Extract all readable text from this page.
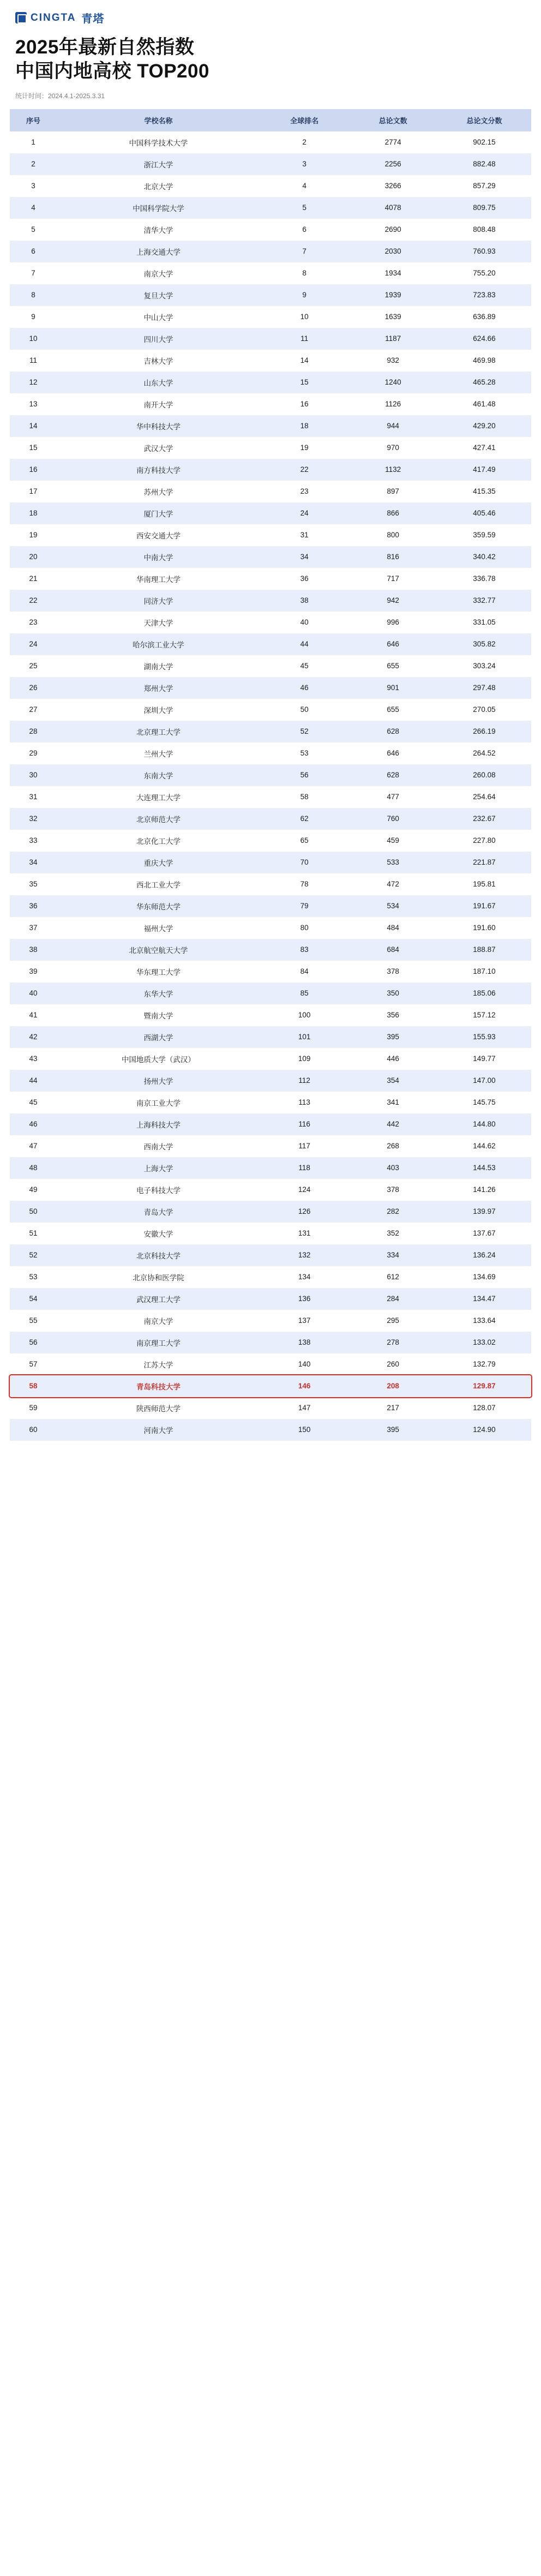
CINGTA 青塔
2025年最新自然指数
中国内地高校 TOP200
统计时间：2024.4.1-2025.3.31
序号	学校名称	全球排名	总论文数	总论文分数
1	中国科学技术大学	2	2774	902.15
2	浙江大学	3	2256	882.48
3	北京大学	4	3266	857.29
4	中国科学院大学	5	4078	809.75
5	清华大学	6	2690	808.48
6	上海交通大学	7	2030	760.93
7	南京大学	8	1934	755.20
8	复旦大学	9	1939	723.83
9	中山大学	10	1639	636.89
10	四川大学	11	1187	624.66
11	吉林大学	14	932	469.98
12	山东大学	15	1240	465.28
13	南开大学	16	1126	461.48
14	华中科技大学	18	944	429.20
15	武汉大学	19	970	427.41
16	南方科技大学	22	1132	417.49
17	苏州大学	23	897	415.35
18	厦门大学	24	866	405.46
19	西安交通大学	31	800	359.59
20	中南大学	34	816	340.42
21	华南理工大学	36	717	336.78
22	同济大学	38	942	332.77
23	天津大学	40	996	331.05
24	哈尔滨工业大学	44	646	305.82
25	湖南大学	45	655	303.24
26	郑州大学	46	901	297.48
27	深圳大学	50	655	270.05
28	北京理工大学	52	628	266.19
29	兰州大学	53	646	264.52
30	东南大学	56	628	260.08
31	大连理工大学	58	477	254.64
32	北京师范大学	62	760	232.67
33	北京化工大学	65	459	227.80
34	重庆大学	70	533	221.87
35	西北工业大学	78	472	195.81
36	华东师范大学	79	534	191.67
37	福州大学	80	484	191.60
38	北京航空航天大学	83	684	188.87
39	华东理工大学	84	378	187.10
40	东华大学	85	350	185.06
41	暨南大学	100	356	157.12
42	西湖大学	101	395	155.93
43	中国地质大学（武汉）	109	446	149.77
44	扬州大学	112	354	147.00
45	南京工业大学	113	341	145.75
46	上海科技大学	116	442	144.80
47	西南大学	117	268	144.62
48	上海大学	118	403	144.53
49	电子科技大学	124	378	141.26
50	青岛大学	126	282	139.97
51	安徽大学	131	352	137.67
52	北京科技大学	132	334	136.24
53	北京协和医学院	134	612	134.69
54	武汉理工大学	136	284	134.47
55	南京大学	137	295	133.64
56	南京理工大学	138	278	133.02
57	江苏大学	140	260	132.79
58	青岛科技大学	146	208	129.87
59	陕西师范大学	147	217	128.07
60	河南大学	150	395	124.90
